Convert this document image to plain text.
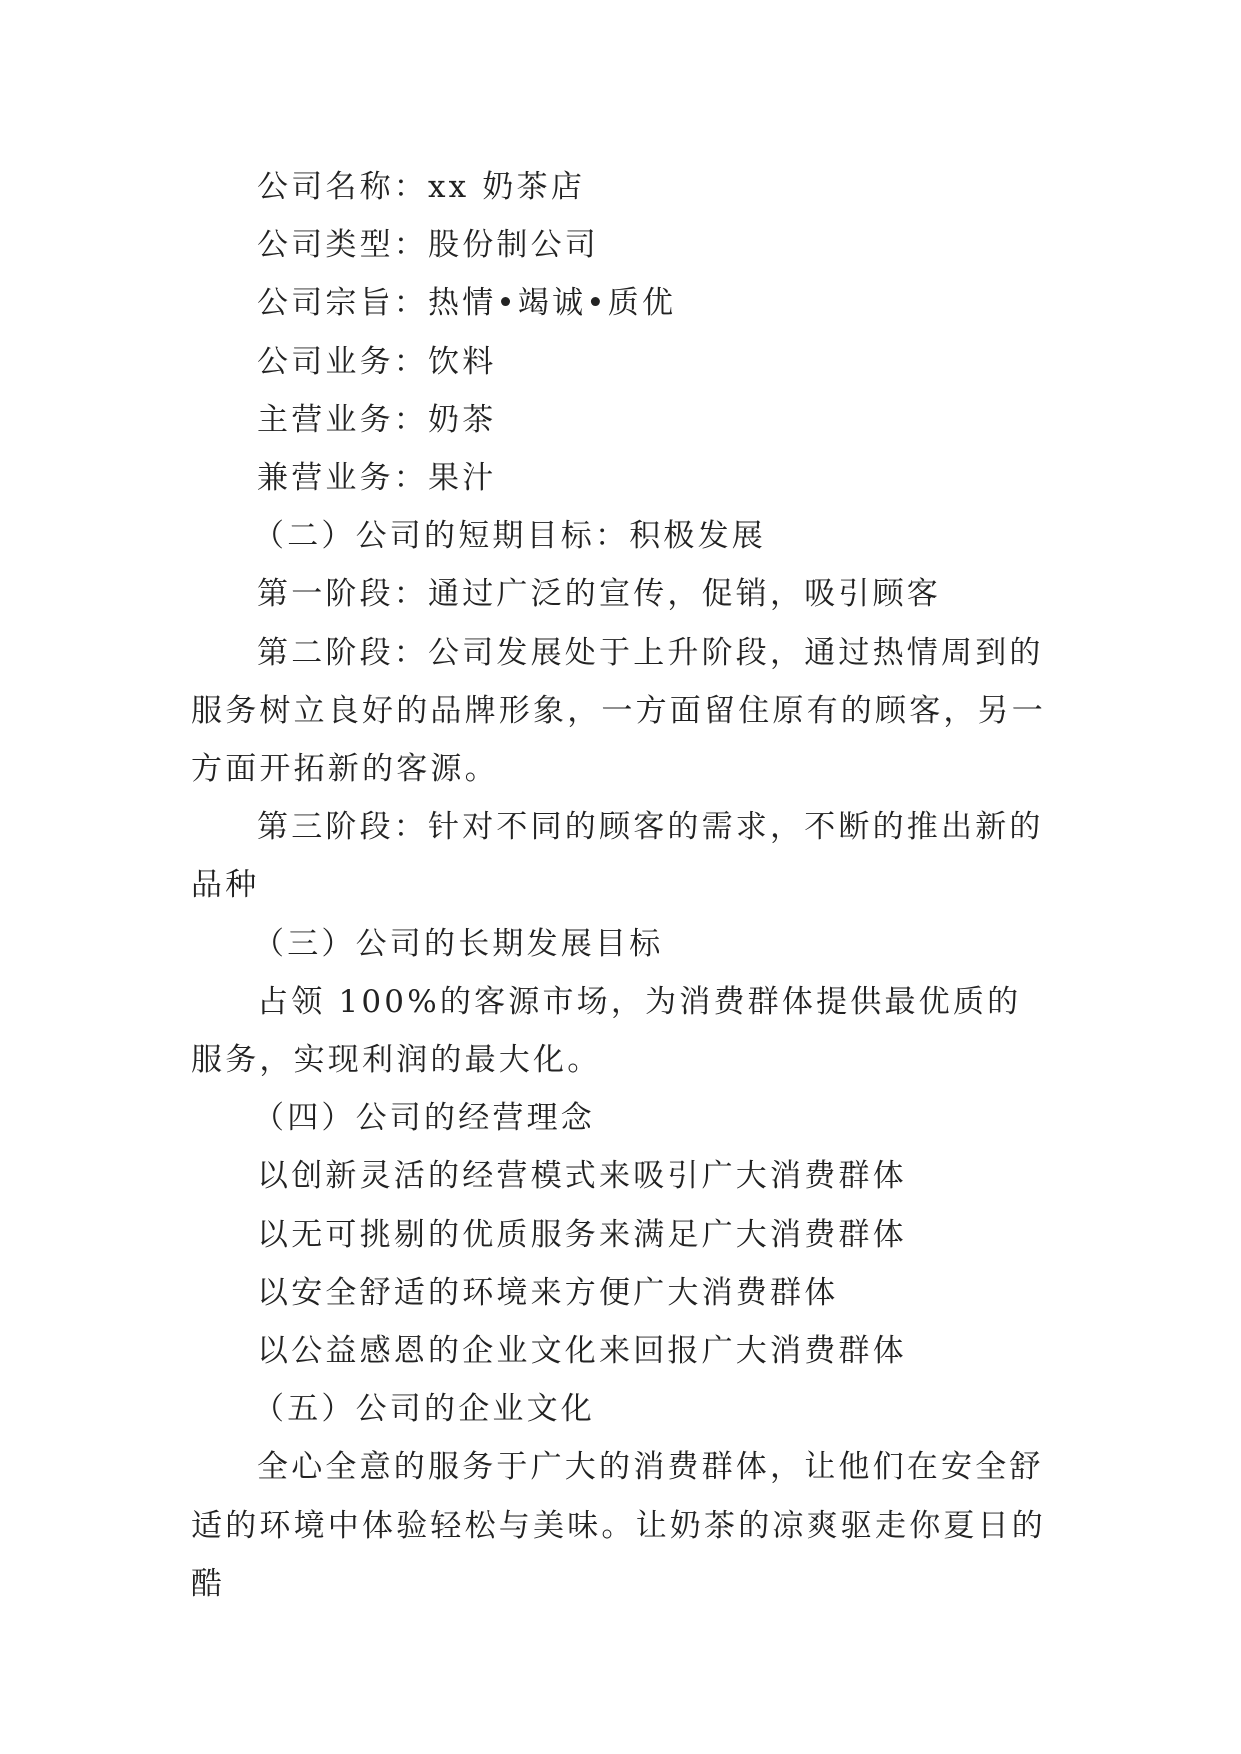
公司名称：xx 奶茶店

公司类型：股份制公司

公司宗旨：热情•竭诚•质优

公司业务：饮料

主营业务：奶茶

兼营业务：果汁

（二）公司的短期目标：积极发展

第一阶段：通过广泛的宣传，促销，吸引顾客

第二阶段：公司发展处于上升阶段，通过热情周到的服务树立良好的品牌形象，一方面留住原有的顾客，另一方面开拓新的客源。

第三阶段：针对不同的顾客的需求，不断的推出新的品种

（三）公司的长期发展目标

占领 100%的客源市场，为消费群体提供最优质的服务，实现利润的最大化。

（四）公司的经营理念

以创新灵活的经营模式来吸引广大消费群体

以无可挑剔的优质服务来满足广大消费群体

以安全舒适的环境来方便广大消费群体

以公益感恩的企业文化来回报广大消费群体

（五）公司的企业文化

全心全意的服务于广大的消费群体，让他们在安全舒适的环境中体验轻松与美味。让奶茶的凉爽驱走你夏日的酷
